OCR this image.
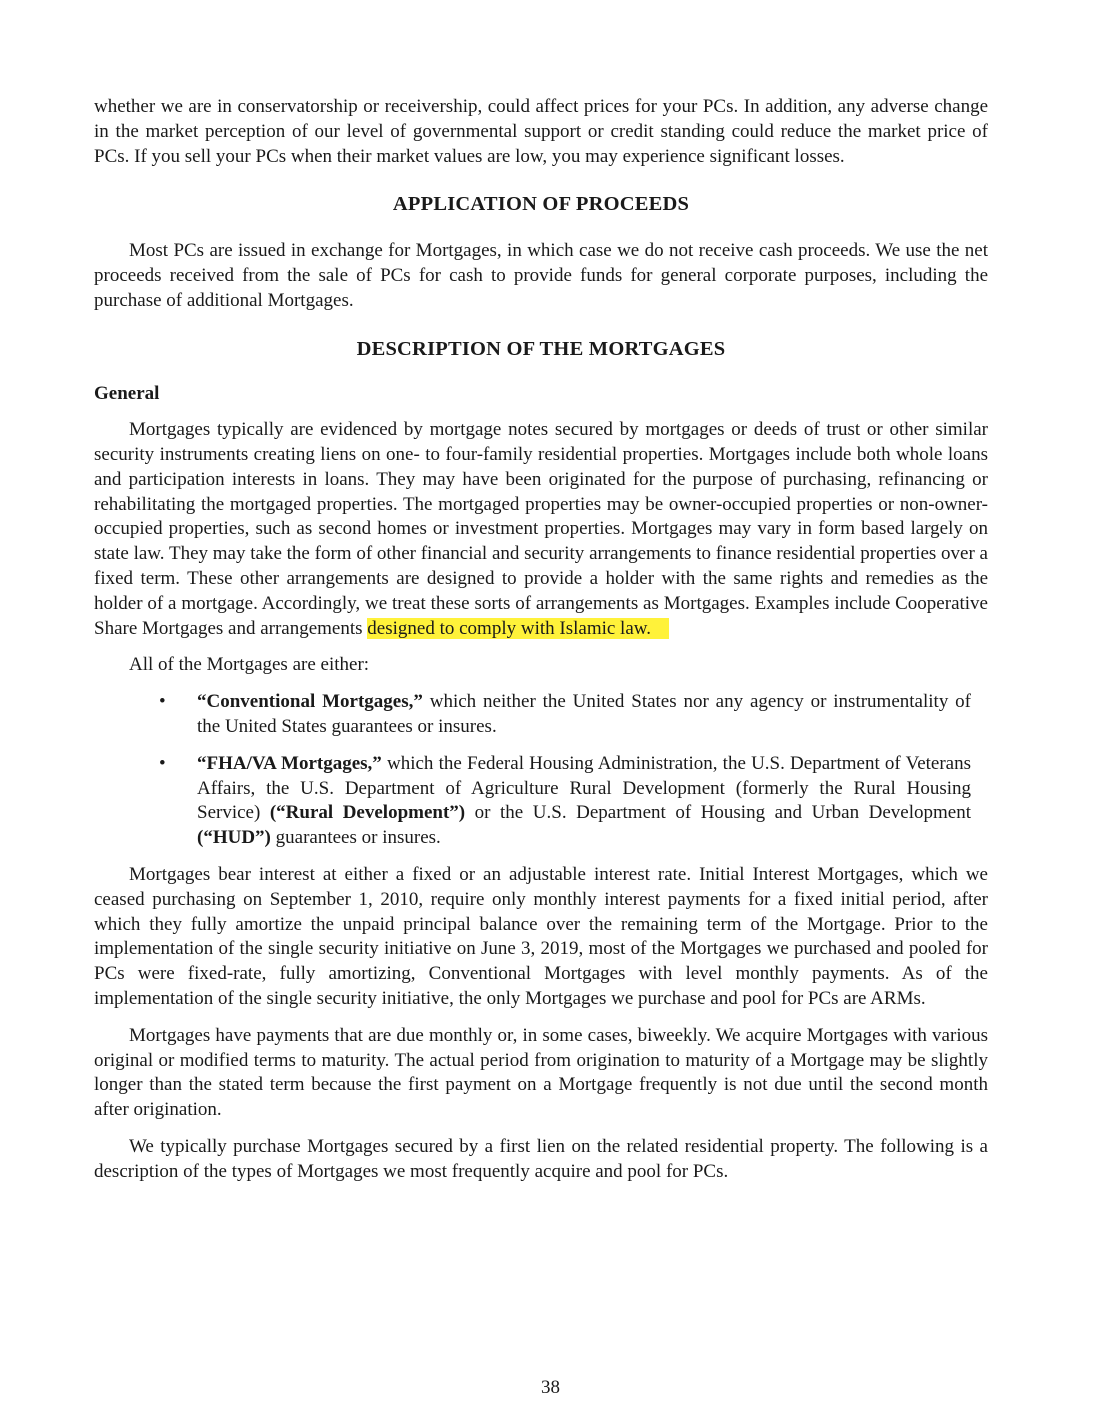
whether we are in conservatorship or receivership, could affect prices for your PCs. In addition, any adverse change in the market perception of our level of governmental support or credit standing could reduce the market price of PCs. If you sell your PCs when their market values are low, you may experience significant losses.

APPLICATION OF PROCEEDS

Most PCs are issued in exchange for Mortgages, in which case we do not receive cash proceeds. We use the net proceeds received from the sale of PCs for cash to provide funds for general corporate purposes, including the purchase of additional Mortgages.

DESCRIPTION OF THE MORTGAGES
General

Mortgages typically are evidenced by mortgage notes secured by mortgages or deeds of trust or other similar security instruments creating liens on one- to four-family residential properties. Mortgages include both whole loans and participation interests in loans. They may have been originated for the purpose of purchasing, refinancing or rehabilitating the mortgaged properties. The mortgaged properties may be owner-occupied properties or non-owner-occupied properties, such as second homes or investment properties. Mortgages may vary in form based largely on state law. They may take the form of other financial and security arrangements to finance residential properties over a fixed term. These other arrangements are designed to provide a holder with the same rights and remedies as the holder of a mortgage. Accordingly, we treat these sorts of arrangements as Mortgages. Examples include Cooperative Share Mortgages and arrangements designed to comply with Islamic law.

All of the Mortgages are either:

• “Conventional Mortgages,” which neither the United States nor any agency or instrumentality of the United States guarantees or insures.
• “FHA/VA Mortgages,” which the Federal Housing Administration, the U.S. Department of Veterans Affairs, the U.S. Department of Agriculture Rural Development (formerly the Rural Housing Service) (“Rural Development”) or the U.S. Department of Housing and Urban Development (“HUD”) guarantees or insures.

Mortgages bear interest at either a fixed or an adjustable interest rate. Initial Interest Mortgages, which we ceased purchasing on September 1, 2010, require only monthly interest payments for a fixed initial period, after which they fully amortize the unpaid principal balance over the remaining term of the Mortgage. Prior to the implementation of the single security initiative on June 3, 2019, most of the Mortgages we purchased and pooled for PCs were fixed-rate, fully amortizing, Conventional Mortgages with level monthly payments. As of the implementation of the single security initiative, the only Mortgages we purchase and pool for PCs are ARMs.

Mortgages have payments that are due monthly or, in some cases, biweekly. We acquire Mortgages with various original or modified terms to maturity. The actual period from origination to maturity of a Mortgage may be slightly longer than the stated term because the first payment on a Mortgage frequently is not due until the second month after origination.

We typically purchase Mortgages secured by a first lien on the related residential property. The following is a description of the types of Mortgages we most frequently acquire and pool for PCs.

38
